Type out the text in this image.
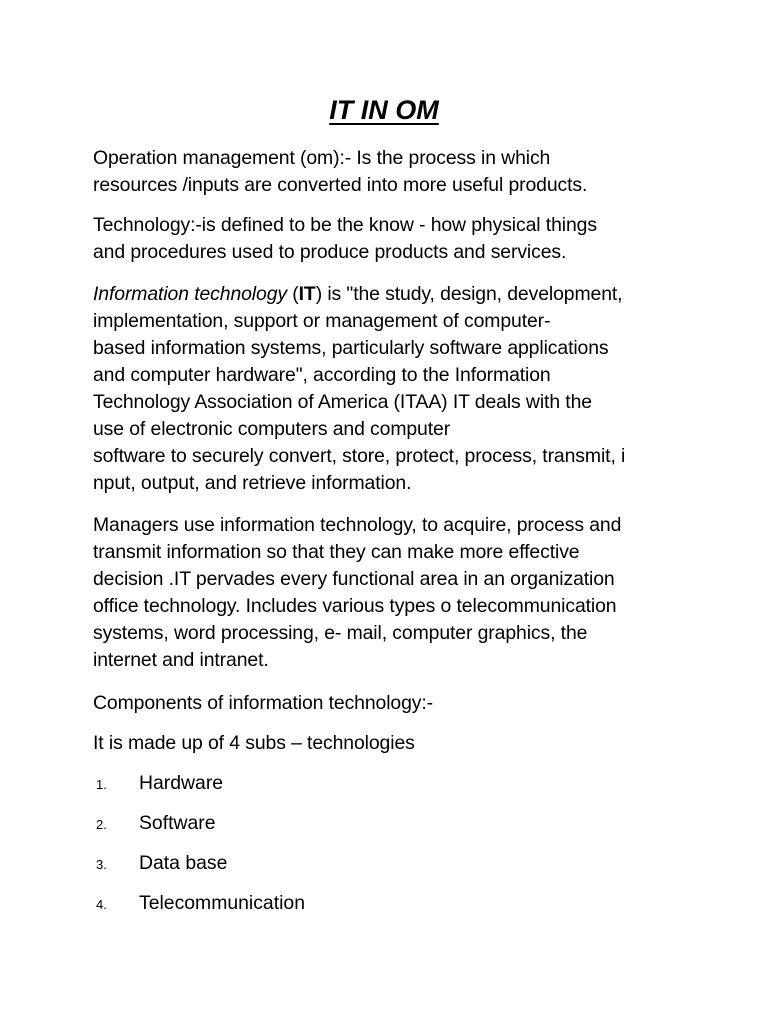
IT IN OM
Operation management (om):- Is the process in which
resources /inputs are converted into more useful products.
Technology:-is defined to be the know - how physical things
and procedures used to produce products and services.
Information technology (IT) is "the study, design, development,
implementation, support or management of computer-
based information systems, particularly software applications
and computer hardware", according to the Information
Technology Association of America (ITAA) IT deals with the
use of electronic computers and computer
software to securely convert, store, protect, process, transmit, i
nput, output, and retrieve information.
Managers use information technology, to acquire, process and
transmit information so that they can make more effective
decision .IT pervades every functional area in an organization
office technology. Includes various types o telecommunication
systems, word processing, e- mail, computer graphics, the
internet and intranet.
Components of information technology:-
It is made up of 4 subs – technologies
1.	Hardware
2.	Software
3.	Data base
4.	Telecommunication
